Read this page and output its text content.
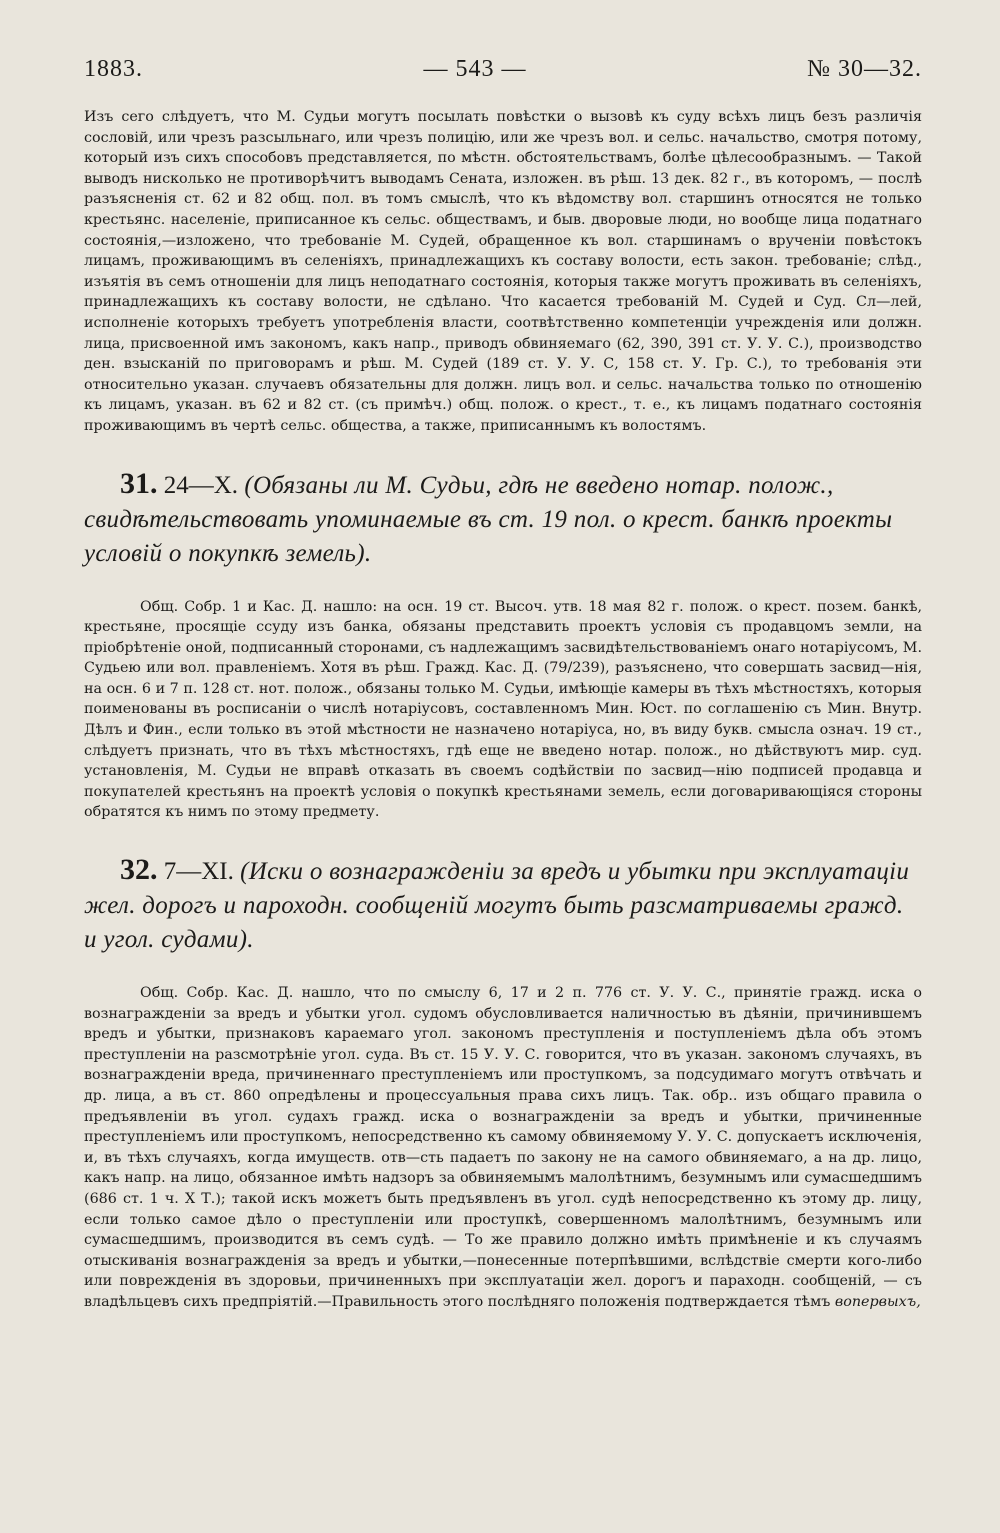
1883.	— 543 —	№ 30—32.

Изъ сего слѣдуетъ, что М. Судьи могутъ посылать повѣстки о вызовѣ къ суду всѣхъ лицъ безъ различія сословій, или чрезъ разсыльнаго, или чрезъ полицію, или же чрезъ вол. и сельс. начальство, смотря потому, который изъ сихъ способовъ представляется, по мѣстн. обстоятельствамъ, болѣе цѣлесообразнымъ. — Такой выводъ нисколько не противорѣчитъ выводамъ Сената, изложен. въ рѣш. 13 дек. 82 г., въ которомъ, — послѣ разъясненія ст. 62 и 82 общ. пол. въ томъ смыслѣ, что къ вѣдомству вол. старшинъ относятся не только крестьянс. населеніе, приписанное къ сельс. обществамъ, и быв. дворовые люди, но вообще лица податнаго состоянія,—изложено, что требованіе М. Судей, обращенное къ вол. старшинамъ о врученіи повѣстокъ лицамъ, проживающимъ въ селеніяхъ, принадлежащихъ къ составу волости, есть закон. требованіе; слѣд., изъятія въ семъ отношеніи для лицъ неподатнаго состоянія, которыя также могутъ проживать въ селеніяхъ, принадлежащихъ къ составу волости, не сдѣлано. Что касается требованій М. Судей и Суд. Сл—лей, исполненіе которыхъ требуетъ употребленія власти, соотвѣтственно компетенціи учрежденія или должн. лица, присвоенной имъ закономъ, какъ напр., приводъ обвиняемаго (62, 390, 391 ст. У. У. С.), производство ден. взысканій по приговорамъ и рѣш. М. Судей (189 ст. У. У. С, 158 ст. У. Гр. С.), то требованія эти относительно указан. случаевъ обязательны для должн. лицъ вол. и сельс. начальства только по отношенію къ лицамъ, указан. въ 62 и 82 ст. (съ примѣч.) общ. полож. о крест., т. е., къ лицамъ податнаго состоянія проживающимъ въ чертѣ сельс. общества, а также, приписаннымъ къ волостямъ.

31. 24—X. (Обязаны ли М. Судьи, гдѣ не введено нотар. полож., свидѣтельствовать упоминаемые въ ст. 19 пол. о крест. банкѣ проекты условій о покупкѣ земель).

Общ. Собр. 1 и Кас. Д. нашло: на осн. 19 ст. Высоч. утв. 18 мая 82 г. полож. о крест. позем. банкѣ, крестьяне, просящіе ссуду изъ банка, обязаны представить проектъ условія съ продавцомъ земли, на пріобрѣтеніе оной, подписанный сторонами, съ надлежащимъ засвидѣтельствованіемъ онаго нотаріусомъ, М. Судьею или вол. правленіемъ. Хотя въ рѣш. Гражд. Кас. Д. (79/239), разъяснено, что совершать засвид—нія, на осн. 6 и 7 п. 128 ст. нот. полож., обязаны только М. Судьи, имѣющіе камеры въ тѣхъ мѣстностяхъ, которыя поименованы въ росписаніи о числѣ нотаріусовъ, составленномъ Мин. Юст. по соглашенію съ Мин. Внутр. Дѣлъ и Фин., если только въ этой мѣстности не назначено нотаріуса, но, въ виду букв. смысла означ. 19 ст., слѣдуетъ признать, что въ тѣхъ мѣстностяхъ, гдѣ еще не введено нотар. полож., но дѣйствуютъ мир. суд. установленія, М. Судьи не вправѣ отказать въ своемъ содѣйствіи по засвид—нію подписей продавца и покупателей крестьянъ на проектѣ условія о покупкѣ крестьянами земель, если договаривающіяся стороны обратятся къ нимъ по этому предмету.

32. 7—XI. (Иски о вознагражденіи за вредъ и убытки при эксплуатаціи жел. дорогъ и пароходн. сообщеній могутъ быть разсматриваемы гражд. и угол. судами).

Общ. Собр. Кас. Д. нашло, что по смыслу 6, 17 и 2 п. 776 ст. У. У. С., принятіе гражд. иска о вознагражденіи за вредъ и убытки угол. судомъ обусловливается наличностью въ дѣяніи, причинившемъ вредъ и убытки, признаковъ караемаго угол. закономъ преступленія и поступленіемъ дѣла объ этомъ преступленіи на разсмотрѣніе угол. суда. Въ ст. 15 У. У. С. говорится, что въ указан. закономъ случаяхъ, въ вознагражденіи вреда, причиненнаго преступленіемъ или проступкомъ, за подсудимаго могутъ отвѣчать и др. лица, а въ ст. 860 опредѣлены и процессуальныя права сихъ лицъ. Так. обр.. изъ общаго правила о предъявленіи въ угол. судахъ гражд. иска о вознагражденіи за вредъ и убытки, причиненные преступленіемъ или проступкомъ, непосредственно къ самому обвиняемому У. У. С. допускаетъ исключенія, и, въ тѣхъ случаяхъ, когда имуществ. отв—сть падаетъ по закону не на самого обвиняемаго, а на др. лицо, какъ напр. на лицо, обязанное имѣть надзоръ за обвиняемымъ малолѣтнимъ, безумнымъ или сумасшедшимъ (686 ст. 1 ч. X Т.); такой искъ можетъ быть предъявленъ въ угол. судѣ непосредственно къ этому др. лицу, если только самое дѣло о преступленіи или проступкѣ, совершенномъ малолѣтнимъ, безумнымъ или сумасшедшимъ, производится въ семъ судѣ. — То же правило должно имѣть примѣненіе и къ случаямъ отыскиванія вознагражденія за вредъ и убытки,—понесенные потерпѣвшими, вслѣдствіе смерти кого-либо или поврежденія въ здоровьи, причиненныхъ при эксплуатаціи жел. дорогъ и параходн. сообщеній, — съ владѣльцевъ сихъ предпріятій.—Правильность этого послѣдняго положенія подтверждается тѣмъ вопервыхъ,
